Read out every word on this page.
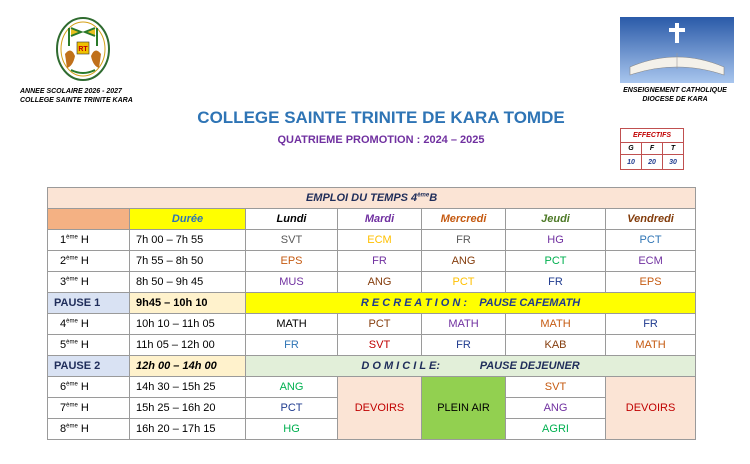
RT
ANNEE SCOLAIRE 2026 - 2027
COLLEGE SAINTE TRINITE KARA
ENSEIGNEMENT CATHOLIQUE
DIOCESE DE KARA
COLLEGE SAINTE TRINITE DE KARA TOMDE
QUATRIEME PROMOTION : 2024 – 2025	EFFECTIFS		
G	F	T
10	20	30
EMPLOI DU TEMPS 4èmeB						
	Durée	Lundi	Mardi	Mercredi	Jeudi	Vendredi
1ème H	7h 00 – 7h 55	SVT	ECM	FR	HG	PCT
2ème H	7h 55 – 8h 50	EPS	FR	ANG	PCT	ECM
3ème H	8h 50 – 9h 45	MUS	ANG	PCT	FR	EPS
PAUSE 1	9h45 – 10h 10	R E C R E A T I O N :    PAUSE CAFEMATH				
4ème H	10h 10 – 11h 05	MATH	PCT	MATH	MATH	FR
5ème H	11h 05 – 12h 00	FR	SVT	FR	KAB	MATH
PAUSE 2	12h 00 – 14h 00	D O M I C I L E:             PAUSE DEJEUNER				
6ème H	14h 30 – 15h 25	ANG	DEVOIRS	PLEIN AIR	SVT	DEVOIRS
7ème H	15h 25 – 16h 20	PCT			ANG	
8ème H	16h 20 – 17h 15	HG			AGRI	
